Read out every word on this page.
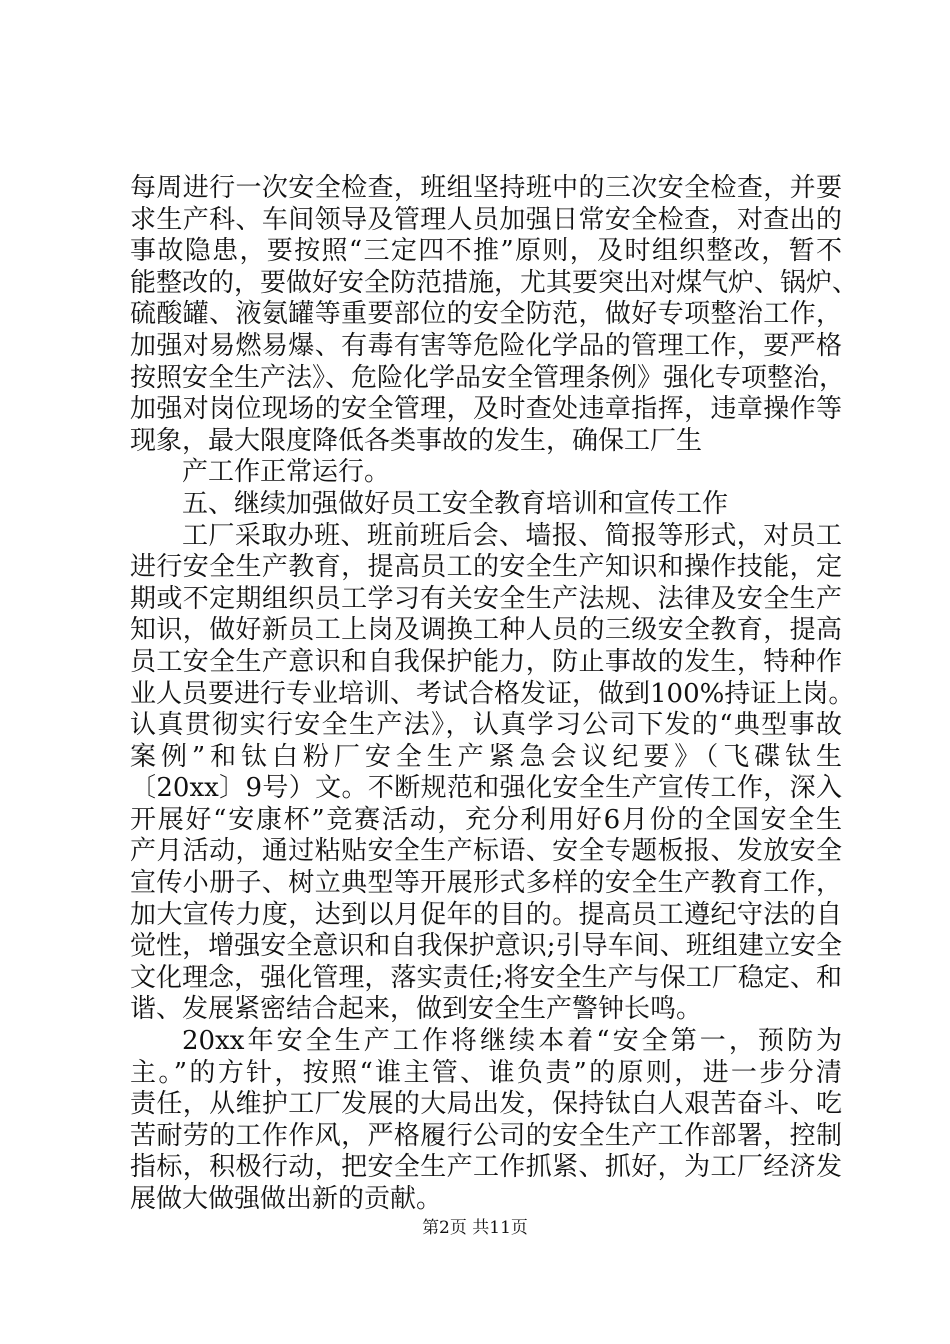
每周进行一次安全检查，班组坚持班中的三次安全检查，并要
求生产科、车间领导及管理人员加强日常安全检查，对查出的
事故隐患，要按照“三定四不推”原则，及时组织整改，暂不
能整改的，要做好安全防范措施，尤其要突出对煤气炉、锅炉、
硫酸罐、液氨罐等重要部位的安全防范，做好专项整治工作，
加强对易燃易爆、有毒有害等危险化学品的管理工作，要严格
按照安全生产法》、危险化学品安全管理条例》强化专项整治，
加强对岗位现场的安全管理，及时查处违章指挥，违章操作等
现象，最大限度降低各类事故的发生，确保工厂生
产工作正常运行。
五、继续加强做好员工安全教育培训和宣传工作
工厂采取办班、班前班后会、墙报、简报等形式，对员工
进行安全生产教育，提高员工的安全生产知识和操作技能，定
期或不定期组织员工学习有关安全生产法规、法律及安全生产
知识，做好新员工上岗及调换工种人员的三级安全教育，提高
员工安全生产意识和自我保护能力，防止事故的发生，特种作
业人员要进行专业培训、考试合格发证，做到100%持证上岗。
认真贯彻实行安全生产法》，认真学习公司下发的“典型事故
案例”和钛白粉厂安全生产紧急会议纪要》（飞碟钛生
〔20xx〕9号）文。不断规范和强化安全生产宣传工作，深入
开展好“安康杯”竞赛活动，充分利用好6月份的全国安全生
产月活动，通过粘贴安全生产标语、安全专题板报、发放安全
宣传小册子、树立典型等开展形式多样的安全生产教育工作，
加大宣传力度，达到以月促年的目的。提高员工遵纪守法的自
觉性，增强安全意识和自我保护意识;引导车间、班组建立安全
文化理念，强化管理，落实责任;将安全生产与保工厂稳定、和
谐、发展紧密结合起来，做到安全生产警钟长鸣。
20xx年安全生产工作将继续本着“安全第一，预防为
主。”的方针，按照“谁主管、谁负责”的原则，进一步分清
责任，从维护工厂发展的大局出发，保持钛白人艰苦奋斗、吃
苦耐劳的工作作风，严格履行公司的安全生产工作部署，控制
指标，积极行动，把安全生产工作抓紧、抓好，为工厂经济发
展做大做强做出新的贡献。
第2页 共11页
